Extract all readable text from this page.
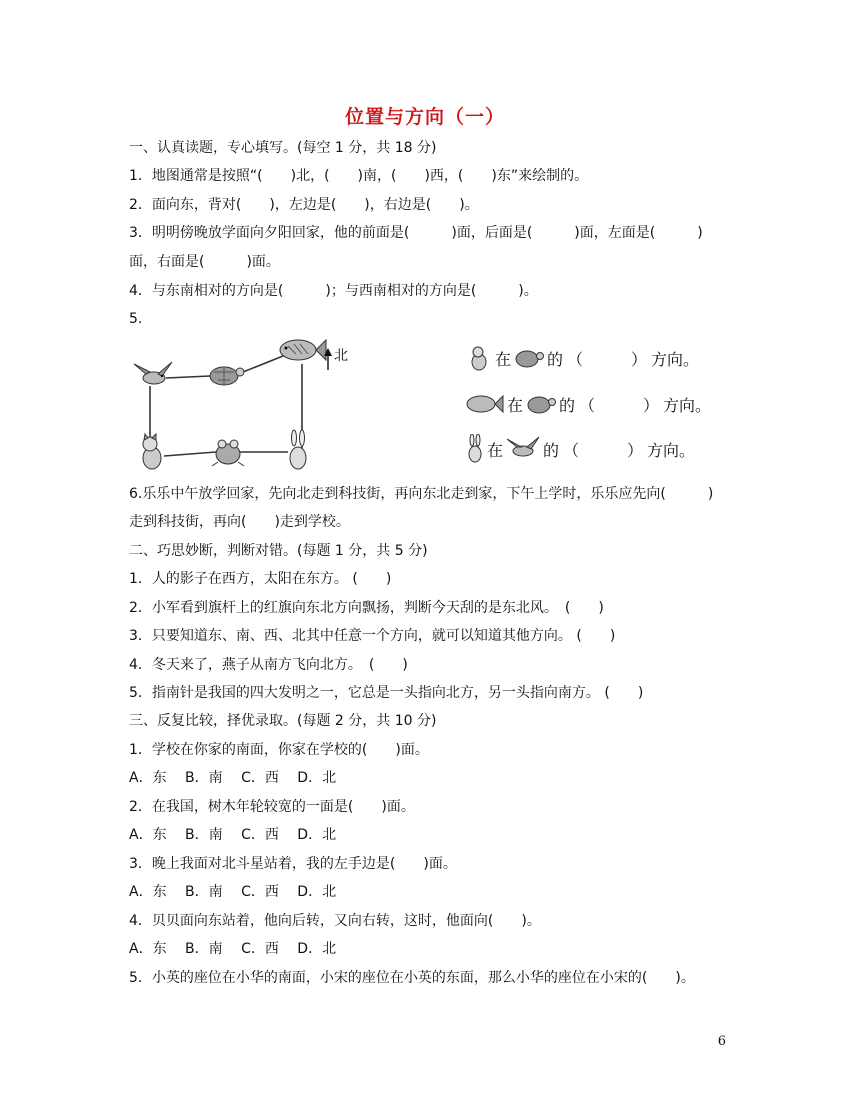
位置与方向（一）
一、认真读题，专心填写。(每空 1 分，共 18 分)
1．地图通常是按照“(　　)北，(　　)南，(　　)西，(　　)东”来绘制的。
2．面向东，背对(　　)，左边是(　　)，右边是(　　)。
3．明明傍晚放学面向夕阳回家，他的前面是(　　　)面，后面是(　　　)面，左面是(　　　)
面，右面是(　　　)面。
4．与东南相对的方向是(　　　)；与西南相对的方向是(　　　)。
5.
北	在 的 （　　　） 方向。
在 的 （　　　） 方向。
在	的 （　　　） 方向。
6.乐乐中午放学回家，先向北走到科技街，再向东北走到家，下午上学时，乐乐应先向(　　　)
走到科技街，再向(　　)走到学校。
二、巧思妙断，判断对错。(每题 1 分，共 5 分)
1．人的影子在西方，太阳在东方。 (　　)
2．小军看到旗杆上的红旗向东北方向飘扬，判断今天刮的是东北风。　(　　)
3．只要知道东、南、西、北其中任意一个方向，就可以知道其他方向。 (　　)
4．冬天来了，燕子从南方飞向北方。　(　　)
5．指南针是我国的四大发明之一，它总是一头指向北方，另一头指向南方。 (　　)
三、反复比较，择优录取。(每题 2 分，共 10 分)
1．学校在你家的南面，你家在学校的(　　)面。
A．东　 B．南　 C．西　 D．北
2．在我国，树木年轮较宽的一面是(　　)面。
A．东　 B．南　 C．西　 D．北
3．晚上我面对北斗星站着，我的左手边是(　　)面。
A．东　 B．南　 C．西　 D．北
4．贝贝面向东站着，他向后转，又向右转，这时，他面向(　　)。
A．东　 B．南　 C．西　 D．北
5．小英的座位在小华的南面，小宋的座位在小英的东面，那么小华的座位在小宋的(　　)。
6
